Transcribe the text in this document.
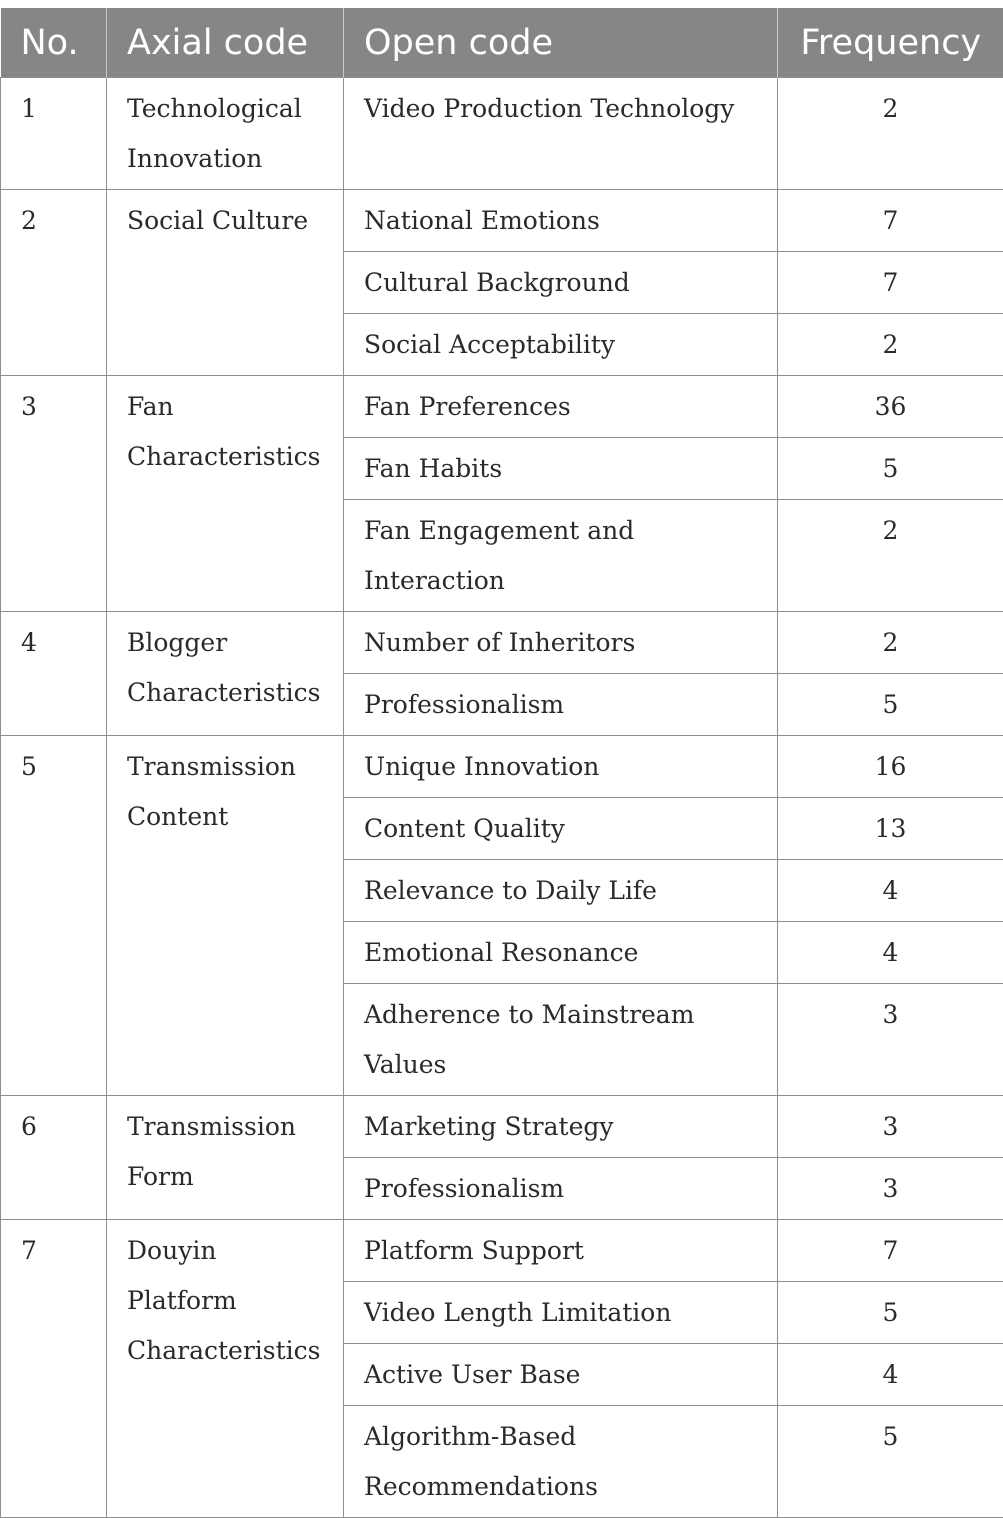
No.	Axial code	Open code	Frequency
1	Technological Innovation	Video Production Technology	2
2	Social Culture	National Emotions	7
		Cultural Background	7
		Social Acceptability	2
3	Fan Characteristics	Fan Preferences	36
		Fan Habits	5
		Fan Engagement and Interaction	2
4	Blogger Characteristics	Number of Inheritors	2
		Professionalism	5
5	Transmission Content	Unique Innovation	16
		Content Quality	13
		Relevance to Daily Life	4
		Emotional Resonance	4
		Adherence to Mainstream Values	3
6	Transmission Form	Marketing Strategy	3
		Professionalism	3
7	Douyin Platform Characteristics	Platform Support	7
		Video Length Limitation	5
		Active User Base	4
		Algorithm-Based Recommendations	5
